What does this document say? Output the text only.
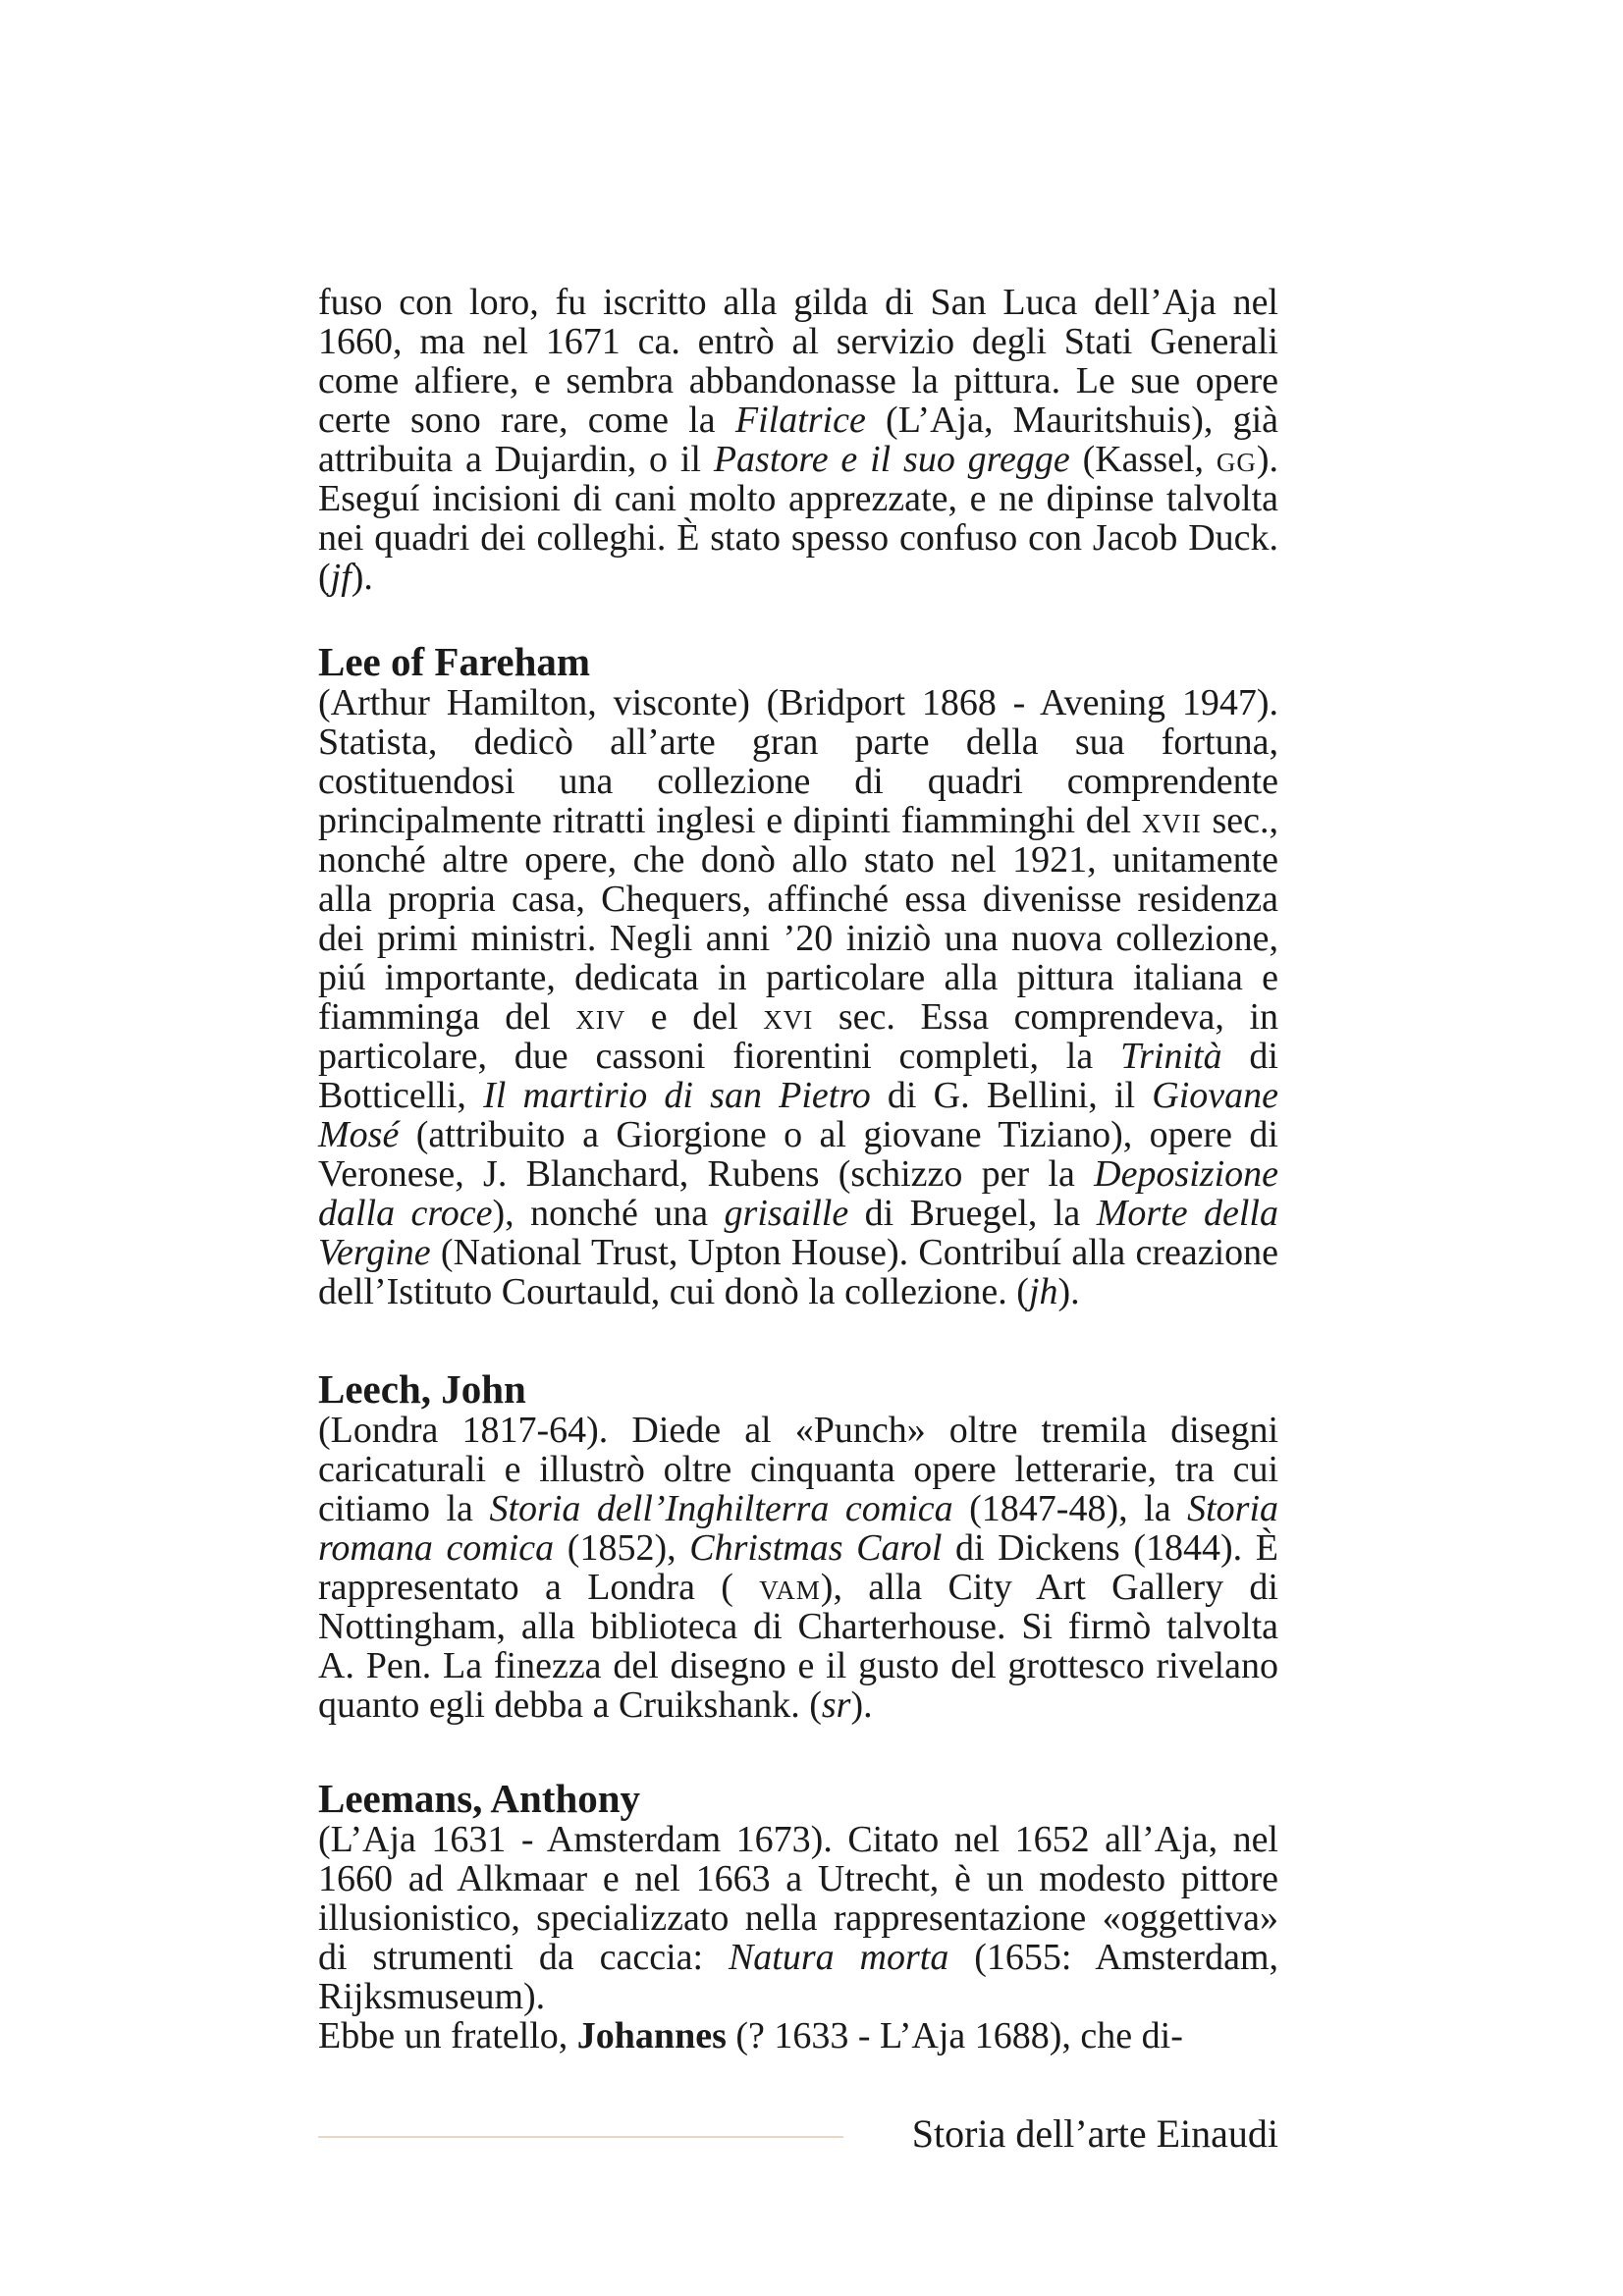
fuso con loro, fu iscritto alla gilda di San Luca dell’Aja nel 1660, ma nel 1671 ca. entrò al servizio degli Stati Generali come alfiere, e sembra abbandonasse la pittura. Le sue opere certe sono rare, come la Filatrice (L’Aja, Mauritshuis), già attribuita a Dujardin, o il Pastore e il suo gregge (Kassel, gg). Eseguí incisioni di cani molto apprezzate, e ne dipinse talvolta nei quadri dei colleghi. È stato spesso confuso con Jacob Duck. (jf).

Lee of Fareham

(Arthur Hamilton, visconte) (Bridport 1868 - Avening 1947). Statista, dedicò all’arte gran parte della sua fortuna, costituendosi una collezione di quadri comprendente principalmente ritratti inglesi e dipinti fiamminghi del xvii sec., nonché altre opere, che donò allo stato nel 1921, unitamente alla propria casa, Chequers, affinché essa divenisse residenza dei primi ministri. Negli anni ’20 iniziò una nuova collezione, piú importante, dedicata in particolare alla pittura italiana e fiamminga del xiv e del xvi sec. Essa comprendeva, in particolare, due cassoni fiorentini completi, la Trinità di Botticelli, Il martirio di san Pietro di G. Bellini, il Giovane Mosé (attribuito a Giorgione o al giovane Tiziano), opere di Veronese, J. Blanchard, Rubens (schizzo per la Deposizione dalla croce), nonché una grisaille di Bruegel, la Morte della Vergine (National Trust, Upton House). Contribuí alla creazione dell’Istituto Courtauld, cui donò la collezione. (jh).

Leech, John

(Londra 1817-64). Diede al «Punch» oltre tremila disegni caricaturali e illustrò oltre cinquanta opere letterarie, tra cui citiamo la Storia dell’Inghilterra comica (1847-48), la Storia romana comica (1852), Christmas Carol di Dickens (1844). È rappresentato a Londra ( vam), alla City Art Gallery di Nottingham, alla biblioteca di Charterhouse. Si firmò talvolta A. Pen. La finezza del disegno e il gusto del grottesco rivelano quanto egli debba a Cruikshank. (sr).

Leemans, Anthony

(L’Aja 1631 - Amsterdam 1673). Citato nel 1652 all’Aja, nel 1660 ad Alkmaar e nel 1663 a Utrecht, è un modesto pittore illusionistico, specializzato nella rappresentazione «oggettiva» di strumenti da caccia: Natura morta (1655: Amsterdam, Rijksmuseum).

Ebbe un fratello, Johannes (? 1633 - L’Aja 1688), che di-

Storia dell’arte Einaudi
